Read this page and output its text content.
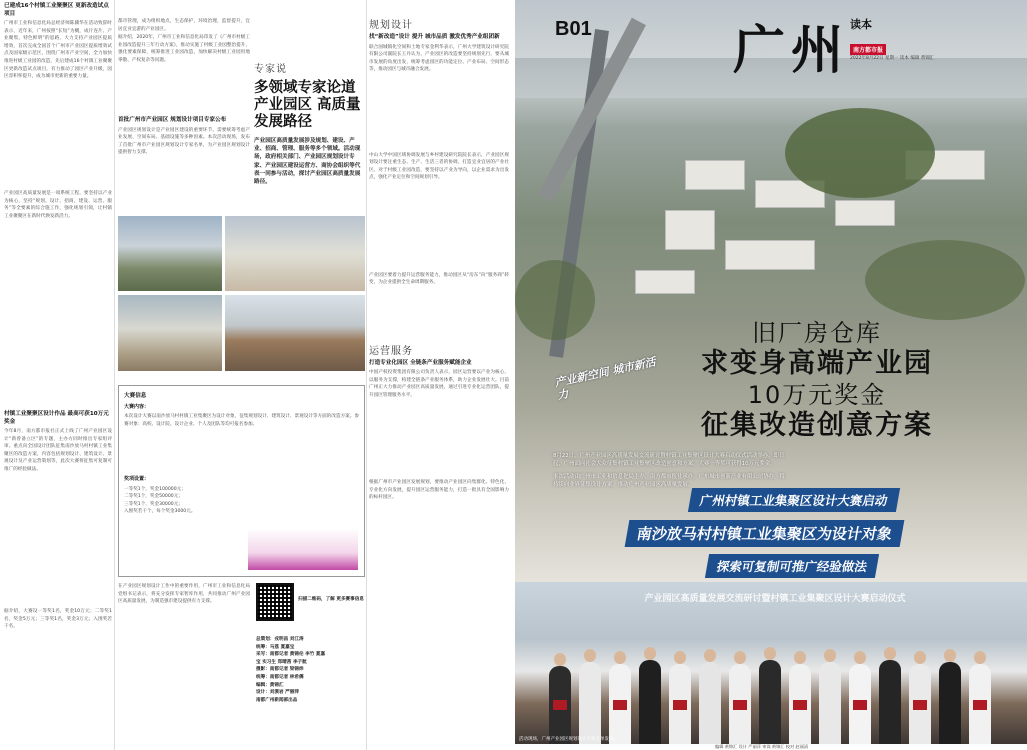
已建成16个村镇工业聚聚区 更新改造试点项目
广州市工业和信息化局总经济师陈骥华在活动致辞时表示，近年来，广州按照“长短”为概，成片连片、产业聚集、特色鲜明”的思路，大力支持产业园区提质增效，首次完成全国首个广州市产业园区提质增效试点及国家级示范区，围绕广州市产业空间，全力加快推进村级工业园的改造，先后建成16个村镇工业聚聚区更新改造试点项目，有力推动了园区产业升级，园区容积率提升，成为城市更新的重要力量。
产业园区高质量发展是一项系统工程，要坚持以产业为核心，坚持“规划、设计、招商、建设、运营、服务”等全要素的综合施工作，强化规划引领，让村镇工业聚聚区在新时代焕发新活力。
村镇工业聚聚区设计作品 最高可获10万元奖金
今年8月，南方都市报社正式上线了广州产业园区设计“新曾备立区”的专题，主办方同时推出专家组评审。重点向全国设计团队征集南沙放马村村镇工业集聚区的改造方案，内容包括规划设计、建筑设计、景观设计及产业运营策划等，此次大赛将征集可复制可推广的经验做法。
据介绍，大赛设一等奖1名，奖金10万元；二等奖1名，奖金5万元；三等奖1名，奖金3万元；入围奖若干名。
都市管理，成为组织地点，生态保护，环境治理，监督提升，宜居宜业宜游的产业园区。
据介绍，2020年，广州市工业和信息化局印发了《广州市村级工业园改造提升三年行动方案》，推动实施了村级工业园整治提升，强化要素保障，统筹推进工业园改造，加快解决村级工业园用地零散、产权复杂等问题。
首批广州市产业园区 规划设计项目专家公布
产业园区规划设计是产业园区建设的重要环节，需要统筹考虑产业发展、空间布局、基础设施等多种因素。本次活动现场，发布了首批广州市产业园区规划设计专家名单，为产业园区规划设计提供智力支撑。
专家说
多领域专家论道 产业园区 高质量发展路径
产业园区高质量发展涉及规划、建设、产业、招商、管理、服务等多个领域。活动现场，政府相关部门、产业园区规划设计专家、产业园区建设运营方、商协会组织等代表一同参与活动，探讨产业园区高质量发展路径。
大赛信息
大赛内容：
本次设计大赛以南沙放马村村镇工业集聚区为设计对象，征集规划设计、建筑设计、景观设计等方面的改造方案。参赛对象：高校、设计院、设计企业、个人及团队等均可报名参加。
奖项设置：
一等奖1个，奖金100000元；
二等奖1个，奖金50000元；
三等奖1个，奖金30000元；
入围奖若干个，每个奖金3000元。
在产业园区规划设计工作中的重要作用，广州市工业和信息化局党组书记表示，将充分发挥专家智库作用，共同推动广州产业园区高质量发展，为制造强市建设提供有力支撑。	扫描二维码，了解 更多赛事信息
总策划：戎明昌 刘江涛
统筹：马荔 夏嘉宝
采写：南都记者 黄锦伦 李竹 夏嘉
宝 实习生 郑晴茜 李子航
摄影：南都记者 梁锦炜
统筹：南都记者 林希儒
编辑：黄锦汇
设计：刘漠岩 严丽萍
南都广州新闻部出品
规划设计
找“新改造”设计 提升 城市品质 激发优秀产业组团新
联合国城镇化空间和土地专家金利华表示，广州大学建筑设计研究院有限公司副院长王丹认为，产业园区的改造要坚持规划先行，要从城市发展的角度出发，统筹考虑园区的功能定位、产业布局、空间形态等，推动园区与城市融合发展。
中山大学中国区域协调发展与乡村建设研究院院长表示，产业园区规划设计要注重生态、生产、生活三者的协调，打造宜业宜居的产业社区。对于村级工业园改造，要坚持以产业为导向，以企业需求为出发点，强化产业定位和空间规划引导。
产业园区要着力提升运营服务能力，推动园区从“房东”向“服务商”转变，为企业提供全生命周期服务。
运营服务
打造专业化园区 全链条产业服务赋能企业
中国产权投资集团有限公司负责人表示，园区运营要以产业为核心，以服务为支撑，构建全链条产业服务体系，助力企业发展壮大。目前广州正大力推动产业园区高质量发展，通过引进专业化运营团队，提升园区管理服务水平。
根据广州市产业园区发展规划，要推动产业园区向集群化、特色化、专业化方向发展，提升园区运营服务能力，打造一批具有全国影响力的标杆园区。
B01	广州 读本
南方都市报
2022年8月22日 星期一 读本 编辑 黄锦汇
产业新空间 城市新活力
旧厂房仓库
求变身高端产业园
10万元奖金
征集改造创意方案
8月22日，广州产业园区高质量发展交流研讨暨村镇工业集聚区设计大赛启动仪式活动举办。即日起，广州面向社会大众征集村镇工业集聚区改造创意和方案，大赛一等奖可获得10万元奖金。
本次活动由广州市工业和信息化局主办，南方都市报社承办，广东城市创新产业有限公司协办，将持续向业界征集设计方案，推动广州产业园区高质量发展。
广州村镇工业集聚区设计大赛启动
南沙放马村村镇工业集聚区为设计对象
探索可复制可推广经验做法
产业园区高质量发展交流研讨暨村镇工业集聚区设计大赛启动仪式
活动现场，广州产业园区规划设计专家名单发布。
编辑 黄锦汇 设计 严丽萍 审读 黄锦汇 校对 赵丽清
